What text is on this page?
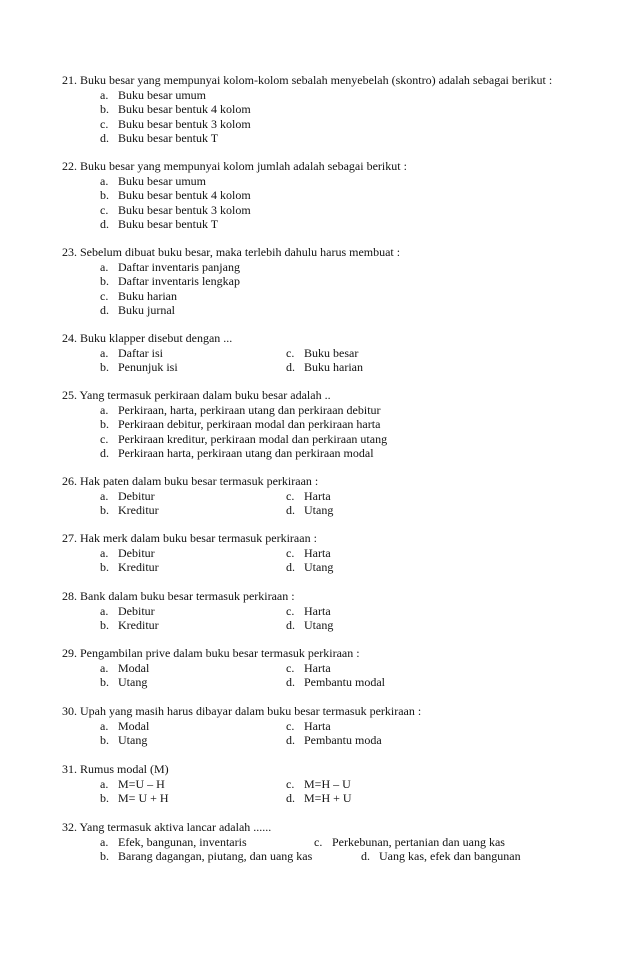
21. Buku besar yang mempunyai kolom-kolom sebalah menyebelah (skontro) adalah sebagai berikut :
a. Buku besar umum
b. Buku besar bentuk 4 kolom
c. Buku besar bentuk 3 kolom
d. Buku besar bentuk T
22. Buku besar yang mempunyai kolom jumlah adalah sebagai berikut :
a. Buku besar umum
b. Buku besar bentuk 4 kolom
c. Buku besar bentuk 3 kolom
d. Buku besar bentuk T
23. Sebelum dibuat buku besar, maka terlebih dahulu harus membuat :
a. Daftar inventaris panjang
b. Daftar inventaris lengkap
c. Buku harian
d. Buku jurnal
24. Buku klapper disebut dengan ...
a. Daftar isi	c. Buku besar
b. Penunjuk isi	d. Buku harian
25. Yang termasuk perkiraan dalam buku besar adalah ..
a. Perkiraan, harta, perkiraan utang dan perkiraan debitur
b. Perkiraan debitur, perkiraan modal dan perkiraan harta
c. Perkiraan kreditur, perkiraan modal dan perkiraan utang
d. Perkiraan harta, perkiraan utang dan perkiraan modal
26. Hak paten dalam buku besar termasuk perkiraan :
a. Debitur	c. Harta
b. Kreditur	d. Utang
27. Hak merk dalam buku besar termasuk perkiraan :
a. Debitur	c. Harta
b. Kreditur	d. Utang
28. Bank dalam buku besar termasuk perkiraan :
a. Debitur	c. Harta
b. Kreditur	d. Utang
29. Pengambilan prive dalam buku besar termasuk perkiraan :
a. Modal	c. Harta
b. Utang	d. Pembantu modal
30. Upah yang masih harus dibayar dalam buku besar termasuk perkiraan :
a. Modal	c. Harta
b. Utang	d. Pembantu moda
31. Rumus modal (M)
a. M=U – H	c. M=H – U
b. M= U + H	d. M=H + U
32. Yang termasuk aktiva lancar adalah ......
a. Efek, bangunan, inventaris	c. Perkebunan, pertanian dan uang kas
b. Barang dagangan, piutang, dan uang kas	d. Uang kas, efek dan bangunan
